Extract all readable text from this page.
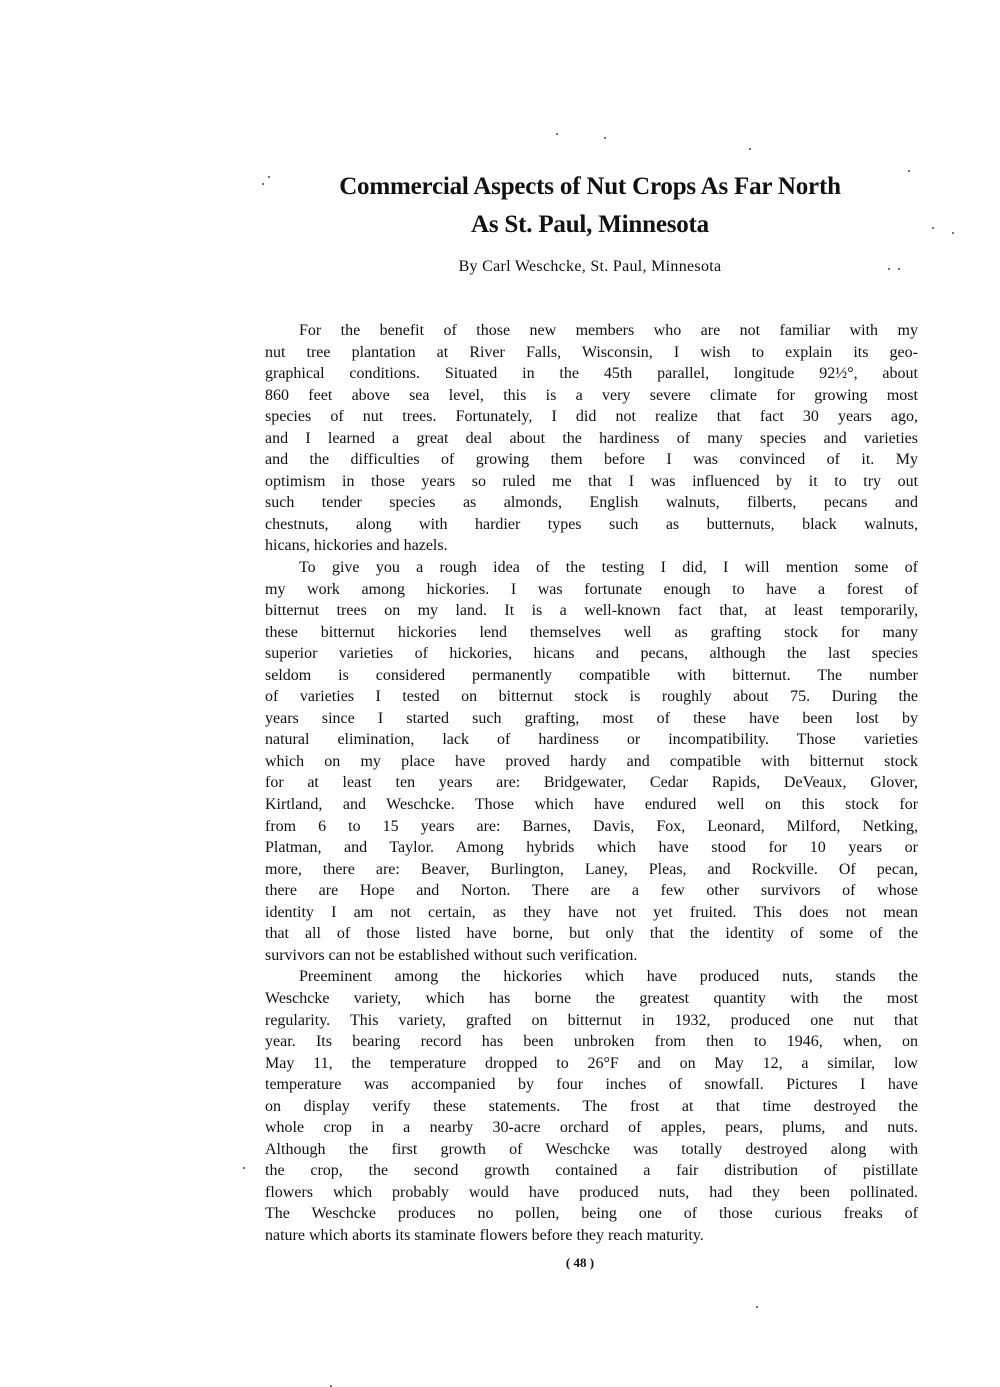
Commercial Aspects of Nut Crops As Far North
As St. Paul, Minnesota

By Carl Weschcke, St. Paul, Minnesota

For the benefit of those new members who are not familiar with my
nut tree plantation at River Falls, Wisconsin, I wish to explain its geo-
graphical conditions. Situated in the 45th parallel, longitude 92½°, about
860 feet above sea level, this is a very severe climate for growing most
species of nut trees. Fortunately, I did not realize that fact 30 years ago,
and I learned a great deal about the hardiness of many species and varieties
and the difficulties of growing them before I was convinced of it. My
optimism in those years so ruled me that I was influenced by it to try out
such tender species as almonds, English walnuts, filberts, pecans and
chestnuts, along with hardier types such as butternuts, black walnuts,
hicans, hickories and hazels.
To give you a rough idea of the testing I did, I will mention some of
my work among hickories. I was fortunate enough to have a forest of
bitternut trees on my land. It is a well-known fact that, at least temporarily,
these bitternut hickories lend themselves well as grafting stock for many
superior varieties of hickories, hicans and pecans, although the last species
seldom is considered permanently compatible with bitternut. The number
of varieties I tested on bitternut stock is roughly about 75. During the
years since I started such grafting, most of these have been lost by
natural elimination, lack of hardiness or incompatibility. Those varieties
which on my place have proved hardy and compatible with bitternut stock
for at least ten years are: Bridgewater, Cedar Rapids, DeVeaux, Glover,
Kirtland, and Weschcke. Those which have endured well on this stock for
from 6 to 15 years are: Barnes, Davis, Fox, Leonard, Milford, Netking,
Platman, and Taylor. Among hybrids which have stood for 10 years or
more, there are: Beaver, Burlington, Laney, Pleas, and Rockville. Of pecan,
there are Hope and Norton. There are a few other survivors of whose
identity I am not certain, as they have not yet fruited. This does not mean
that all of those listed have borne, but only that the identity of some of the
survivors can not be established without such verification.
Preeminent among the hickories which have produced nuts, stands the
Weschcke variety, which has borne the greatest quantity with the most
regularity. This variety, grafted on bitternut in 1932, produced one nut that
year. Its bearing record has been unbroken from then to 1946, when, on
May 11, the temperature dropped to 26°F and on May 12, a similar, low
temperature was accompanied by four inches of snowfall. Pictures I have
on display verify these statements. The frost at that time destroyed the
whole crop in a nearby 30-acre orchard of apples, pears, plums, and nuts.
Although the first growth of Weschcke was totally destroyed along with
the crop, the second growth contained a fair distribution of pistillate
flowers which probably would have produced nuts, had they been pollinated.
The Weschcke produces no pollen, being one of those curious freaks of
nature which aborts its staminate flowers before they reach maturity.
( 48 )
